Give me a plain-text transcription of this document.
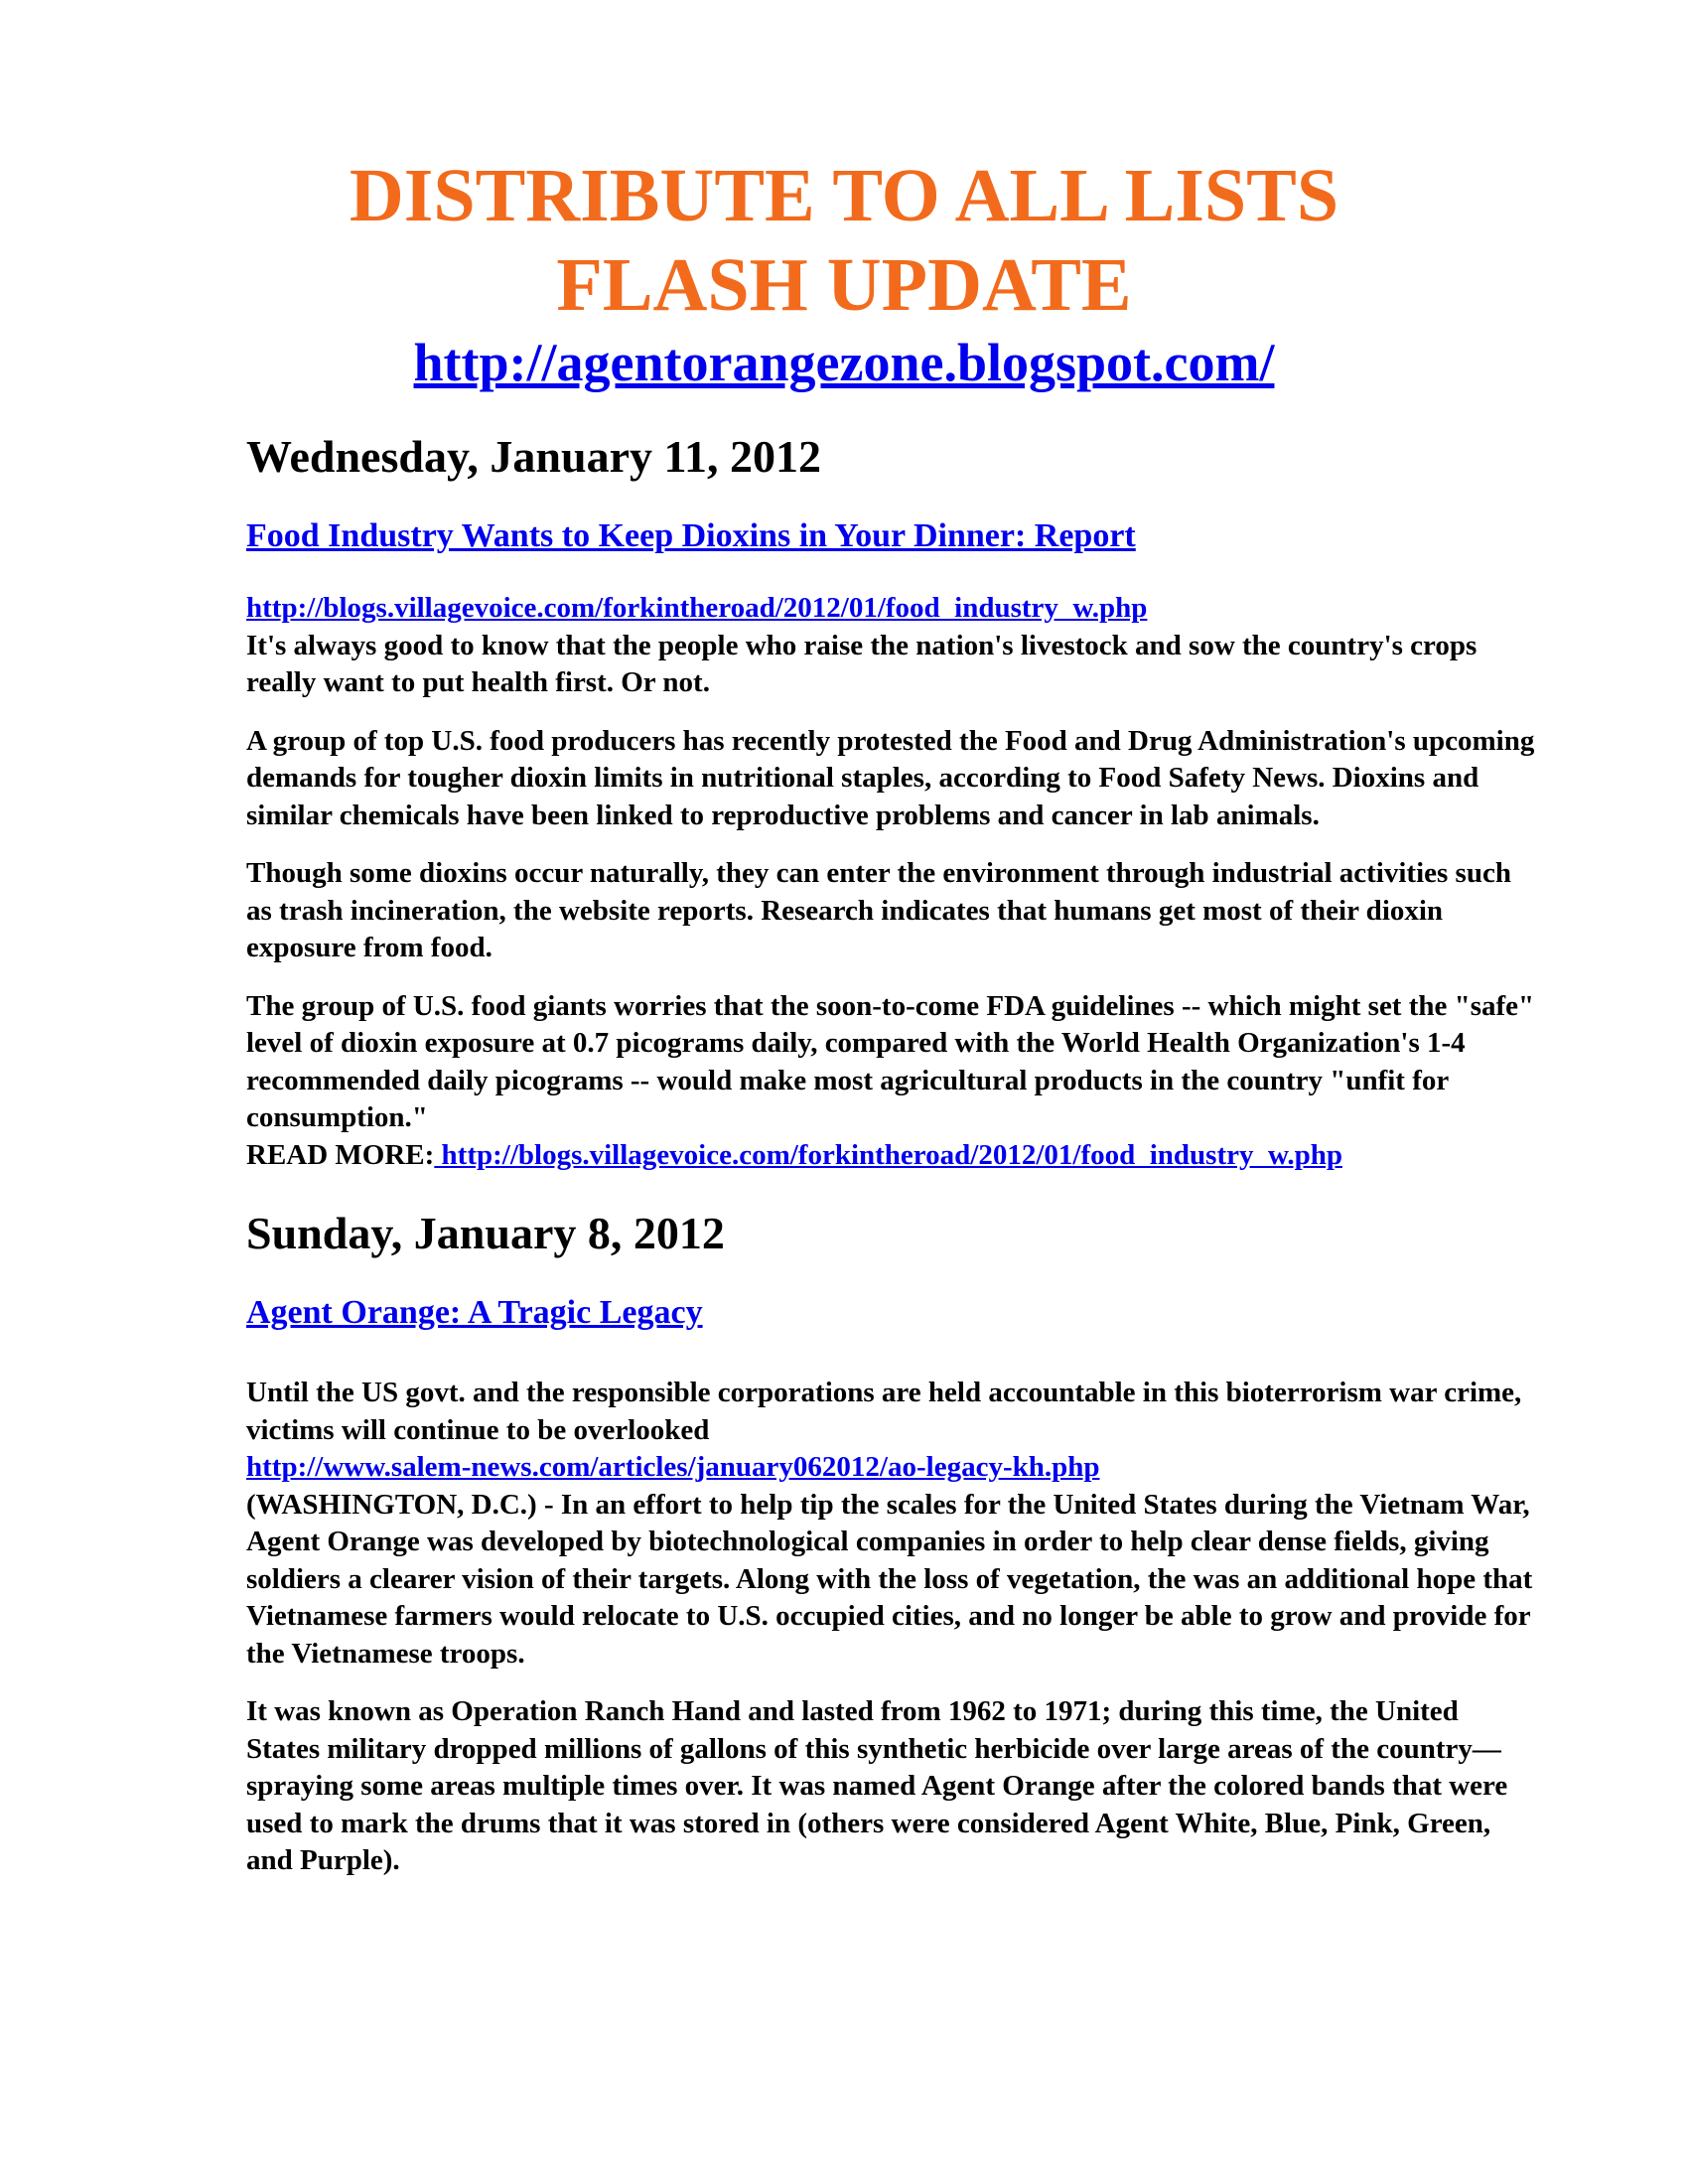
DISTRIBUTE TO ALL LISTS
FLASH UPDATE
http://agentorangezone.blogspot.com/
Wednesday, January 11, 2012
Food Industry Wants to Keep Dioxins in Your Dinner: Report
http://blogs.villagevoice.com/forkintheroad/2012/01/food_industry_w.php

It's always good to know that the people who raise the nation's livestock and sow the country's crops really want to put health first. Or not.

A group of top U.S. food producers has recently protested the Food and Drug Administration's upcoming demands for tougher dioxin limits in nutritional staples, according to Food Safety News. Dioxins and similar chemicals have been linked to reproductive problems and cancer in lab animals.

Though some dioxins occur naturally, they can enter the environment through industrial activities such as trash incineration, the website reports. Research indicates that humans get most of their dioxin exposure from food.

The group of U.S. food giants worries that the soon-to-come FDA guidelines -- which might set the "safe" level of dioxin exposure at 0.7 picograms daily, compared with the World Health Organization's 1-4 recommended daily picograms -- would make most agricultural products in the country "unfit for consumption."

READ MORE: http://blogs.villagevoice.com/forkintheroad/2012/01/food_industry_w.php
Sunday, January 8, 2012
Agent Orange: A Tragic Legacy
Until the US govt. and the responsible corporations are held accountable in this bioterrorism war crime, victims will continue to be overlooked
http://www.salem-news.com/articles/january062012/ao-legacy-kh.php

(WASHINGTON, D.C.) - In an effort to help tip the scales for the United States during the Vietnam War, Agent Orange was developed by biotechnological companies in order to help clear dense fields, giving soldiers a clearer vision of their targets. Along with the loss of vegetation, the was an additional hope that Vietnamese farmers would relocate to U.S. occupied cities, and no longer be able to grow and provide for the Vietnamese troops.

It was known as Operation Ranch Hand and lasted from 1962 to 1971; during this time, the United States military dropped millions of gallons of this synthetic herbicide over large areas of the country—spraying some areas multiple times over. It was named Agent Orange after the colored bands that were used to mark the drums that it was stored in (others were considered Agent White, Blue, Pink, Green, and Purple).
